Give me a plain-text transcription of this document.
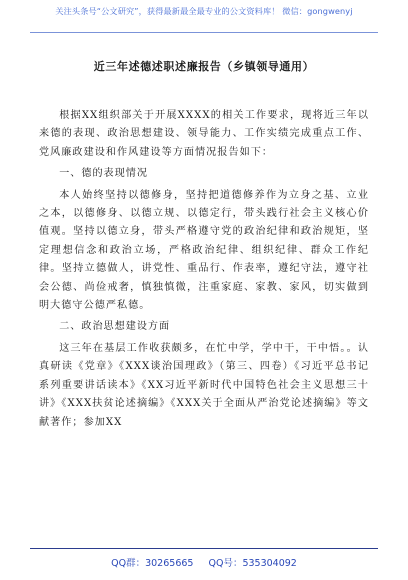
关注头条号“公文研究”，获得最新最全最专业的公文资料库！ 微信：gongwenyj
近三年述德述职述廉报告（乡镇领导通用）

根据XX组织部关于开展XXXX的相关工作要求，现将近三年以来德的表现、政治思想建设、领导能力、工作实绩完成重点工作、党风廉政建设和作风建设等方面情况报告如下：

一、德的表现情况

本人始终坚持以德修身，坚持把道德修养作为立身之基、立业之本，以德修身、以德立规、以德定行，带头践行社会主义核心价值观。坚持以德立身，带头严格遵守党的政治纪律和政治规矩，坚定理想信念和政治立场，严格政治纪律、组织纪律、群众工作纪律。坚持立德做人，讲党性、重品行、作表率，遵纪守法，遵守社会公德、尚俭戒奢，慎独慎微，注重家庭、家教、家风，切实做到明大德守公德严私德。

二、政治思想建设方面

这三年在基层工作收获颇多，在忙中学，学中干，干中悟。。认真研读《党章》《XXX谈治国理政》（第三、四卷）《习近平总书记系列重要讲话读本》《XX习近平新时代中国特色社会主义思想三十讲》《XXX扶贫论述摘编》《XXX关于全面从严治党论述摘编》等文献著作；参加XX

QQ群：30265665 QQ号：535304092
